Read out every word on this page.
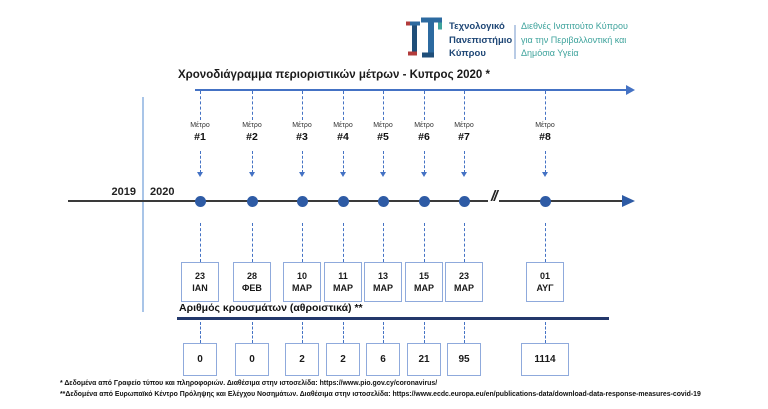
Τεχνολογικό
Πανεπιστήμιο
Κύπρου
Διεθνές Ινστιτούτο Κύπρου
για την Περιβαλλοντική και
Δημόσια Υγεία
Χρονοδιάγραμμα περιοριστικών μέτρων - Κυπρος 2020 *
2019 2020	//
Μέτρο
#1
23
ΙΑΝ
0
Μέτρο
#2
28
ΦΕΒ
0
Μέτρο
#3
10
ΜΑΡ
2
Μέτρο
#4
11
ΜΑΡ
2
Μέτρο
#5
13
ΜΑΡ
6
Μέτρο
#6
15
ΜΑΡ
21
Μέτρο
#7
23
ΜΑΡ
95
Μέτρο
#8
01
ΑΥΓ
1114
Αριθμός κρουσμάτων (αθροιστικά) **
* Δεδομένα από Γραφείο τύπου και πληροφοριών. Διαθέσιμα στην ιστοσελίδα: https://www.pio.gov.cy/coronavirus/
**Δεδομένα από Ευρωπαϊκό Κέντρο Πρόληψης και Ελέγχου Νοσημάτων. Διαθέσιμα στην ιστοσελίδα: https://www.ecdc.europa.eu/en/publications-data/download-data-response-measures-covid-19
